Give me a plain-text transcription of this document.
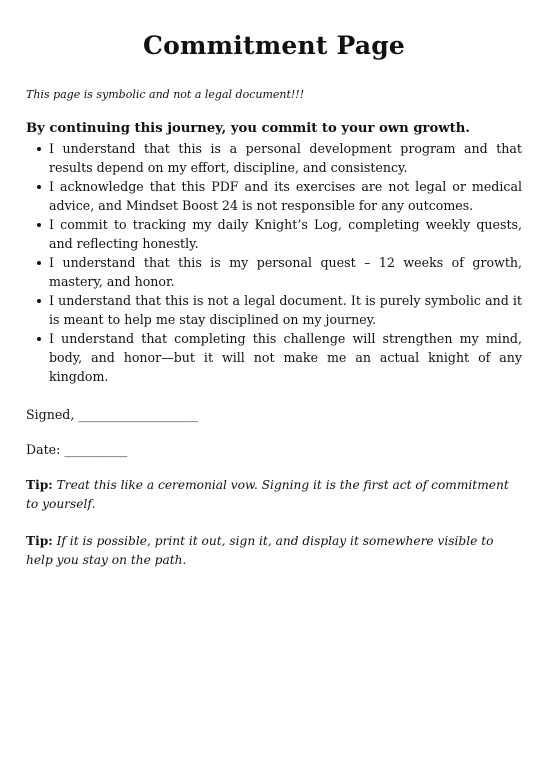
Commitment Page

This page is symbolic and not a legal document!!!

By continuing this journey, you commit to your own growth.

I understand that this is a personal development program and that results depend on my effort, discipline, and consistency.
I acknowledge that this PDF and its exercises are not legal or medical advice, and Mindset Boost 24 is not responsible for any outcomes.
I commit to tracking my daily Knight’s Log, completing weekly quests, and reflecting honestly.
I understand that this is my personal quest – 12 weeks of growth, mastery, and honor.
I understand that this is not a legal document. It is purely symbolic and it is meant to help me stay disciplined on my journey.
I understand that completing this challenge will strengthen my mind, body, and honor—but it will not make me an actual knight of any kingdom.

Signed, ___________________

Date: __________

Tip: Treat this like a ceremonial vow. Signing it is the first act of commitment to yourself.

Tip: If it is possible, print it out, sign it, and display it somewhere visible to help you stay on the path.
